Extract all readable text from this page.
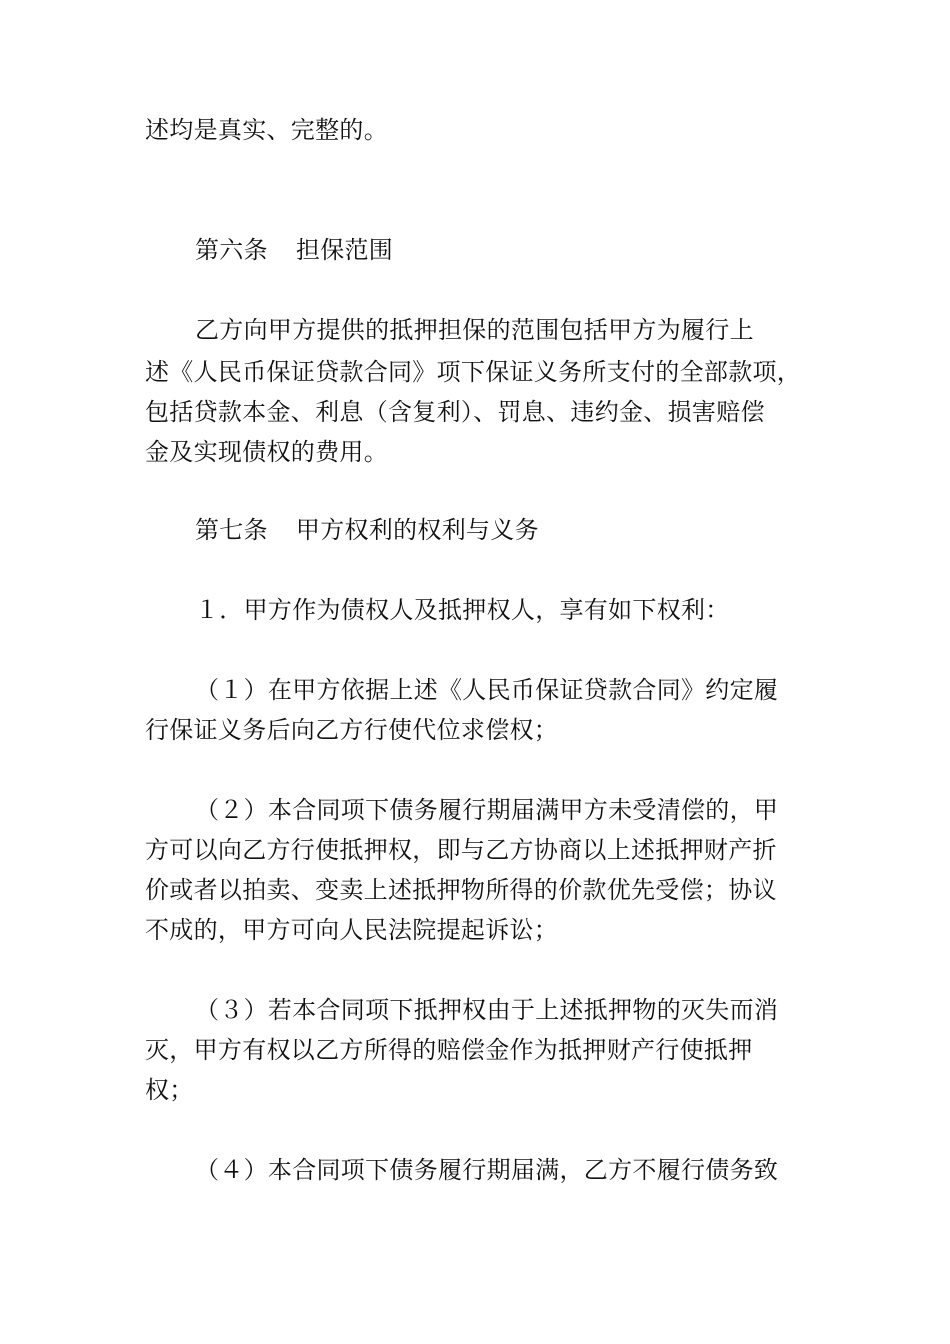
述均是真实、完整的。
第六条 担保范围
乙方向甲方提供的抵押担保的范围包括甲方为履行上
述《人民币保证贷款合同》项下保证义务所支付的全部款项，
包括贷款本金、利息（含复利）、罚息、违约金、损害赔偿
金及实现债权的费用。
第七条 甲方权利的权利与义务
１．甲方作为债权人及抵押权人，享有如下权利：
（１）在甲方依据上述《人民币保证贷款合同》约定履
行保证义务后向乙方行使代位求偿权；
（２）本合同项下债务履行期届满甲方未受清偿的，甲
方可以向乙方行使抵押权，即与乙方协商以上述抵押财产折
价或者以拍卖、变卖上述抵押物所得的价款优先受偿；协议
不成的，甲方可向人民法院提起诉讼；
（３）若本合同项下抵押权由于上述抵押物的灭失而消
灭，甲方有权以乙方所得的赔偿金作为抵押财产行使抵押
权；
（４）本合同项下债务履行期届满，乙方不履行债务致
